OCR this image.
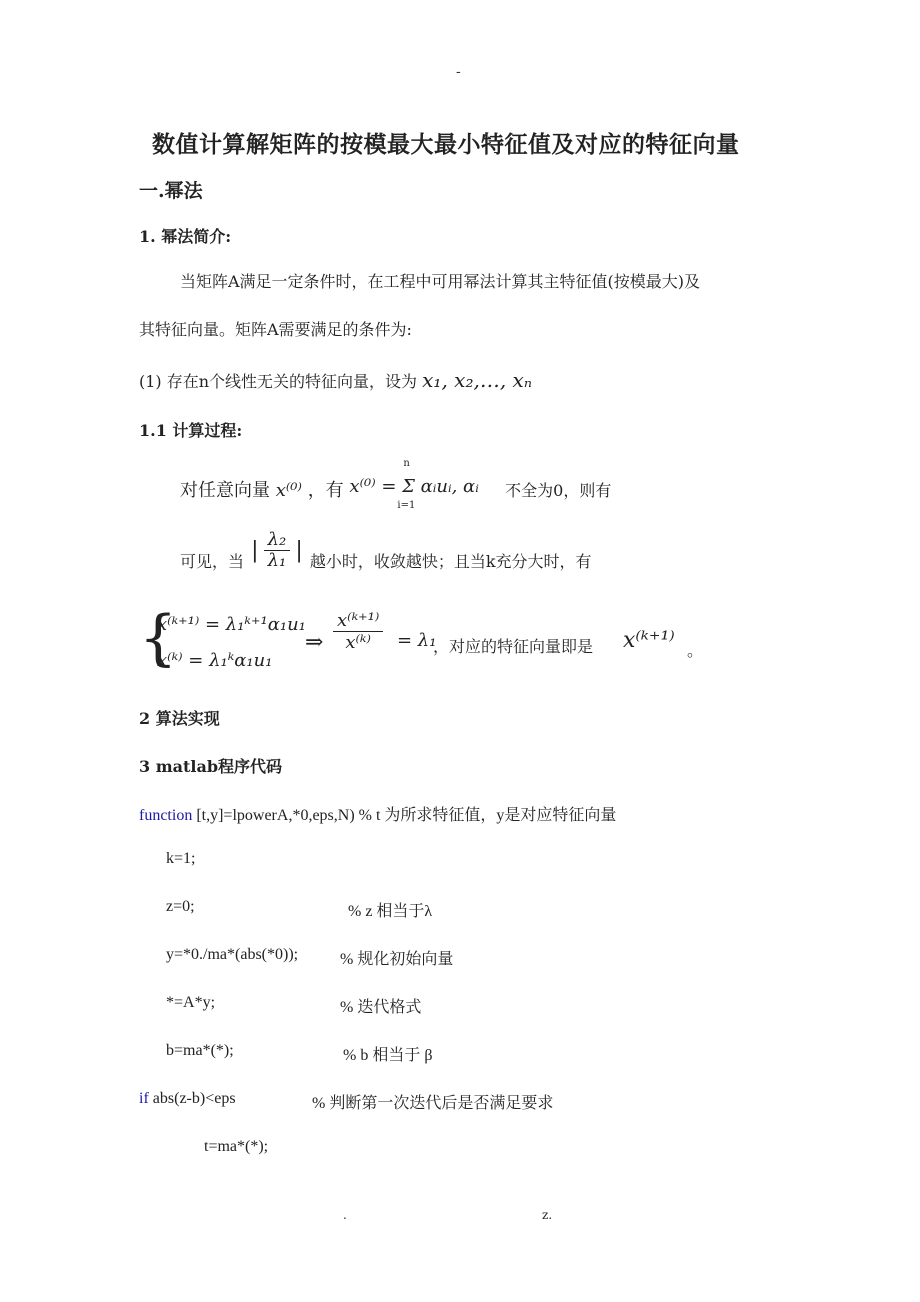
-
数值计算解矩阵的按模最大最小特征值及对应的特征向量
一.幂法
1. 幂法简介:
当矩阵A满足一定条件时，在工程中可用幂法计算其主特征值(按模最大)及
其特征向量。矩阵A需要满足的条件为:
(1) 存在n个线性无关的特征向量，设为 x₁, x₂,…, xₙ
1.1 计算过程:
对任意向量 x⁽⁰⁾ ，有
n
i=1
x⁽⁰⁾ = Σ αᵢuᵢ, αᵢ 不全为0，则有
可见，当 | $\frac{\text{λ₂}}{\text{λ₁}}$ | 越小时，收敛越快；且当k充分大时，有
{
x⁽ᵏ⁺¹⁾ = λ₁ᵏ⁺¹α₁u₁
x⁽ᵏ⁾ = λ₁ᵏα₁u₁
⇒ $\frac{\text{x⁽ᵏ⁺¹⁾}}{\text{x⁽ᵏ⁾}} = \lambda_1$
，对应的特征向量即是 x⁽ᵏ⁺¹⁾ 。
2 算法实现
3 matlab程序代码
function [t,y]=lpowerA,*0,eps,N) % t 为所求特征值，y是对应特征向量
k=1;
z=0;	% z 相当于λ
y=*0./ma*(abs(*0));	% 规化初始向量
*=A*y;	% 迭代格式
b=ma*(*);	% b 相当于 β
if abs(z-b)<eps	% 判断第一次迭代后是否满足要求
t=ma*(*);
.	z.
